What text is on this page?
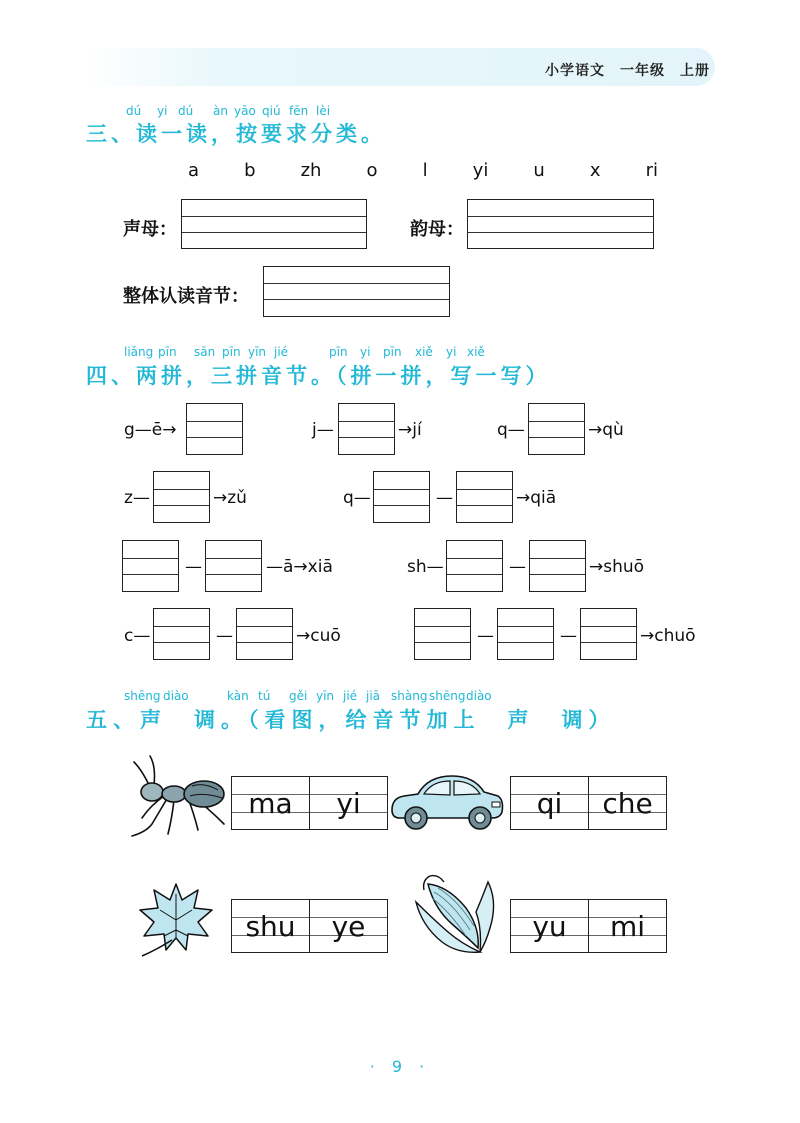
小学语文　一年级　上册
dú yi dú àn yāo qiú fēn lèi
三、读一读，按要求分类。
a	b	zh	o	l	yi	u	x	ri
声母：	韵母：
整体认读音节：
liǎng pīn sān pīn yīn jié	pīn yi pīn xiě yi xiě
四、两拼，三拼音节。（拼一拼，写一写）
g—ē→	j—	→jí	q—	→qù
z—	→zǔ	q—	—	→qiā
—	—ā→xiā	sh—	—	→shuō
c—	—	→cuō	—	—	→chuō
shēng diào	kàn tú gěi yīn jié jiā shàng shēng diào
五、声　调。（看图，给音节加上　声　调）
ma	yi	qi	che
shu	ye	yu	mi
· 9 ·
